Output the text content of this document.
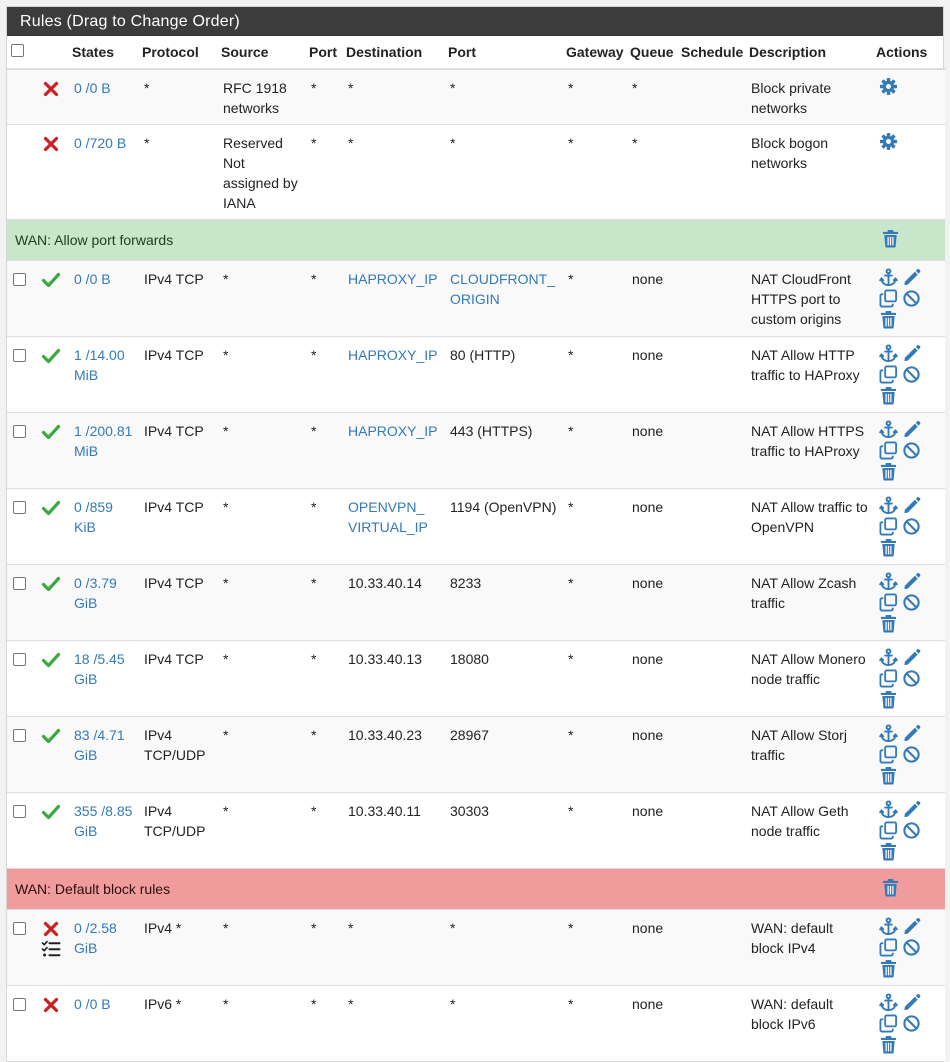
Rules (Drag to Change Order)
		States	Protocol	Source	Port	Destination	Port	Gateway	Queue	Schedule	Description	Actions

	0 /0 B	*	RFC 1918 networks	*	*	*	*	*		Block private networks	

	0 /720 B	*	Reserved Not assigned by IANA	*	*	*	*	*		Block bogon networks	

WAN: Allow port forwards	

	0 /0 B	IPv4 TCP	*	*	HAPROXY_IP	CLOUDFRONT_ ORIGIN	*	none		NAT CloudFront HTTPS port to custom origins	

	1 /14.00 MiB	IPv4 TCP	*	*	HAPROXY_IP	80 (HTTP)	*	none		NAT Allow HTTP traffic to HAProxy	

	1 /200.81 MiB	IPv4 TCP	*	*	HAPROXY_IP	443 (HTTPS)	*	none		NAT Allow HTTPS traffic to HAProxy	

	0 /859 KiB	IPv4 TCP	*	*	OPENVPN_ VIRTUAL_IP	1194 (OpenVPN)	*	none		NAT Allow traffic to OpenVPN	

	0 /3.79 GiB	IPv4 TCP	*	*	10.33.40.14	8233	*	none		NAT Allow Zcash traffic	

	18 /5.45 GiB	IPv4 TCP	*	*	10.33.40.13	18080	*	none		NAT Allow Monero node traffic	

	83 /4.71 GiB	IPv4 TCP/UDP	*	*	10.33.40.23	28967	*	none		NAT Allow Storj traffic	

	355 /8.85 GiB	IPv4 TCP/UDP	*	*	10.33.40.11	30303	*	none		NAT Allow Geth node traffic	

WAN: Default block rules	

	0 /2.58 GiB	IPv4 *	*	*	*	*	*	none		WAN: default block IPv4	

	0 /0 B	IPv6 *	*	*	*	*	*	none		WAN: default block IPv6	
